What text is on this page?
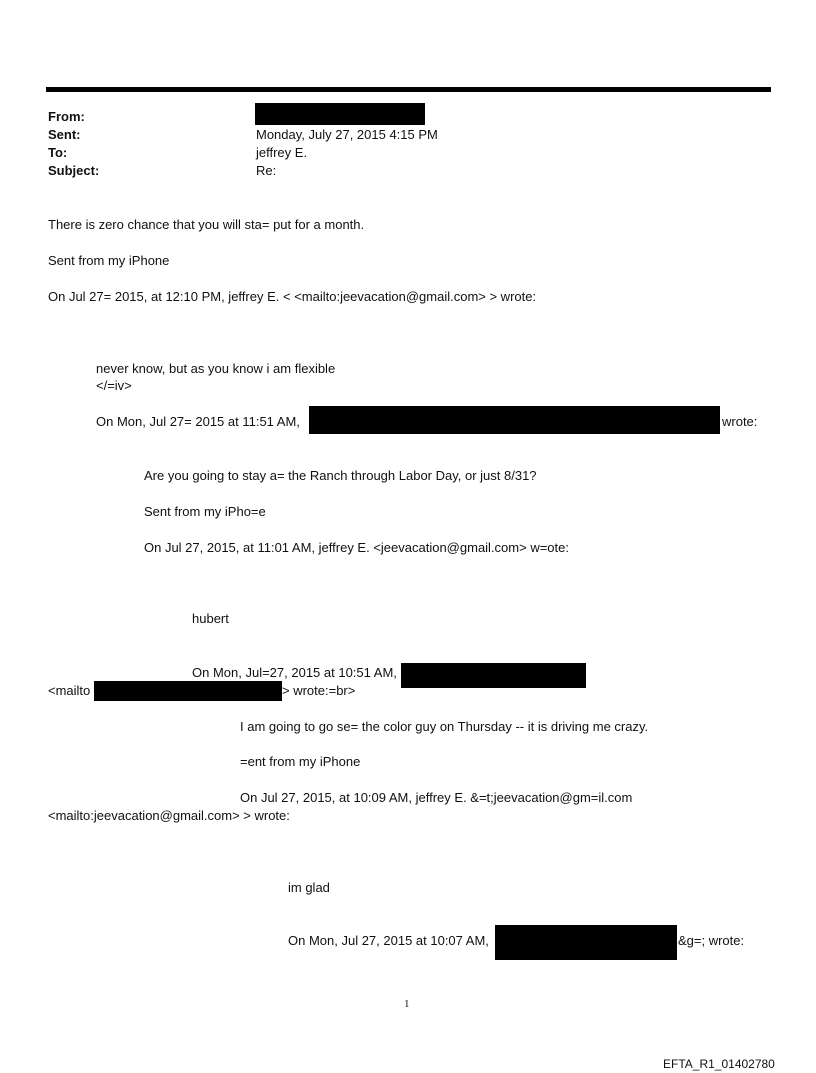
From:
Sent:	Monday, July 27, 2015 4:15 PM
To:	jeffrey E.
Subject:	Re:
There is zero chance that you will sta= put for a month.
Sent from my iPhone
On Jul 27= 2015, at 12:10 PM, jeffrey E. < <mailto:jeevacation@gmail.com> > wrote:
never know, but as you know i am flexible
</=iv>
On Mon, Jul 27= 2015 at 11:51 AM,	wrote:
Are you going to stay a= the Ranch through Labor Day, or just 8/31?
Sent from my iPho=e
On Jul 27, 2015, at 11:01 AM, jeffrey E. <jeevacation@gmail.com> w=ote:
hubert
On Mon, Jul=27, 2015 at 10:51 AM,
<mailto	> wrote:=br>
I am going to go se= the color guy on Thursday -- it is driving me crazy.
=ent from my iPhone
On Jul 27, 2015, at 10:09 AM, jeffrey E. &=t;jeevacation@gm=il.com
<mailto:jeevacation@gmail.com> > wrote:
im glad
On Mon, Jul 27, 2015 at 10:07 AM,	&g=; wrote:
1
EFTA_R1_01402780
